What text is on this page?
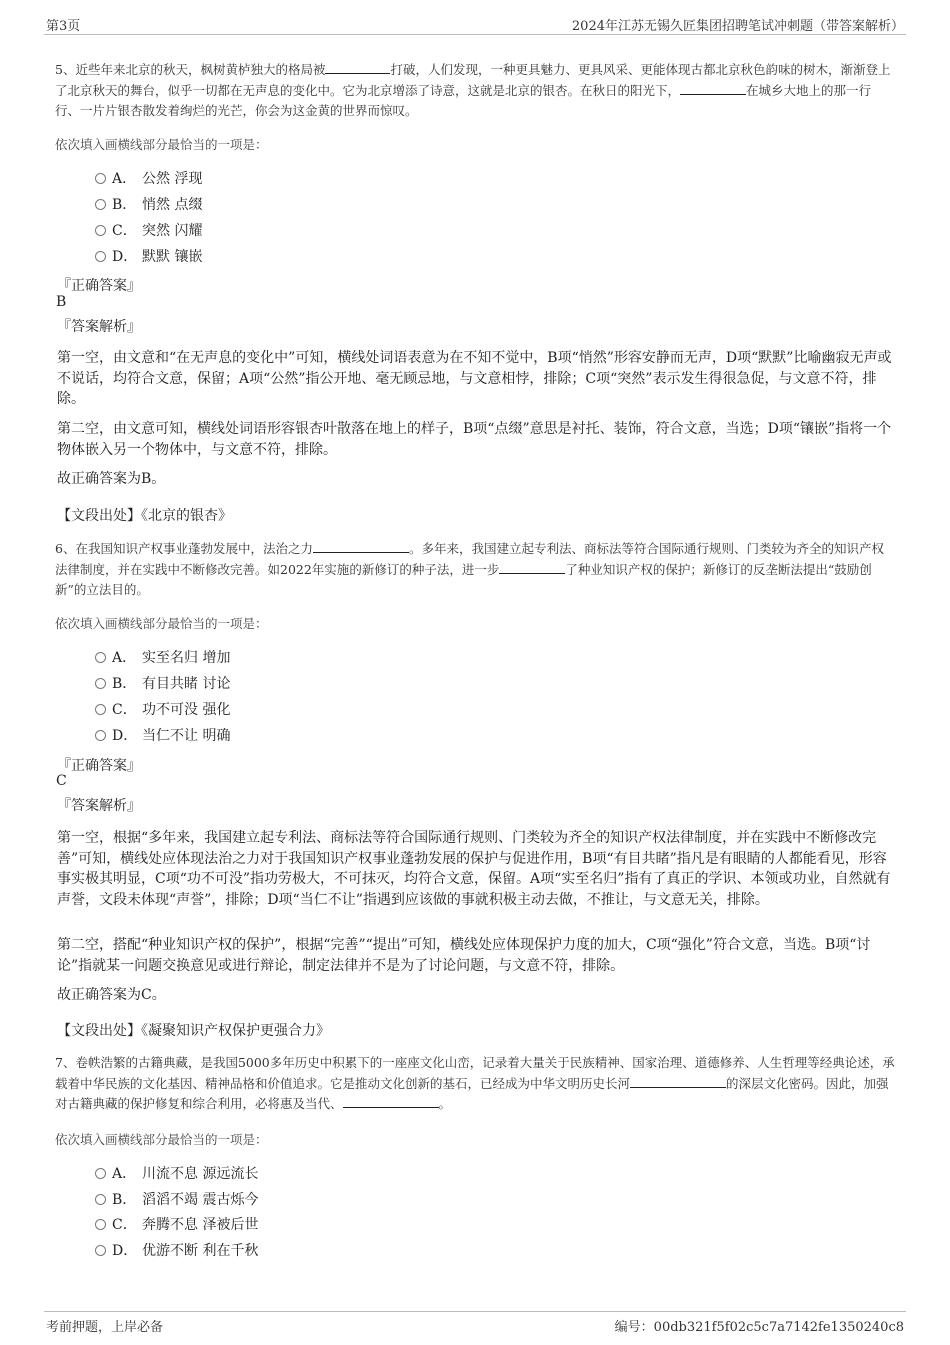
第3页	2024年江苏无锡久匠集团招聘笔试冲刺题（带答案解析）

5、近些年来北京的秋天，枫树黄栌独大的格局被	打破，人们发现，一种更具魅力、更具风采、更能体现古都北京秋色韵味的树木，渐渐登上了北京秋天的舞台，似乎一切都在无声息的变化中。它为北京增添了诗意，这就是北京的银杏。在秋日的阳光下，	在城乡大地上的那一行行、一片片银杏散发着绚烂的光芒，你会为这金黄的世界而惊叹。

依次填入画横线部分最恰当的一项是：

A． 公然 浮现
B． 悄然 点缀
C． 突然 闪耀
D． 默默 镶嵌
『正确答案』
B
『答案解析』

第一空，由文意和“在无声息的变化中”可知，横线处词语表意为在不知不觉中，B项“悄然”形容安静而无声，D项“默默”比喻幽寂无声或不说话，均符合文意，保留；A项“公然”指公开地、毫无顾忌地，与文意相悖，排除；C项“突然”表示发生得很急促，与文意不符，排除。

第二空，由文意可知，横线处词语形容银杏叶散落在地上的样子，B项“点缀”意思是衬托、装饰，符合文意，当选；D项“镶嵌”指将一个物体嵌入另一个物体中，与文意不符，排除。

故正确答案为B。

【文段出处】《北京的银杏》

6、在我国知识产权事业蓬勃发展中，法治之力	。多年来，我国建立起专利法、商标法等符合国际通行规则、门类较为齐全的知识产权法律制度，并在实践中不断修改完善。如2022年实施的新修订的种子法，进一步	了种业知识产权的保护；新修订的反垄断法提出“鼓励创新”的立法目的。

依次填入画横线部分最恰当的一项是：

A． 实至名归 增加
B． 有目共睹 讨论
C． 功不可没 强化
D． 当仁不让 明确
『正确答案』
C
『答案解析』

第一空，根据“多年来，我国建立起专利法、商标法等符合国际通行规则、门类较为齐全的知识产权法律制度，并在实践中不断修改完善”可知，横线处应体现法治之力对于我国知识产权事业蓬勃发展的保护与促进作用，B项“有目共睹”指凡是有眼睛的人都能看见，形容事实极其明显，C项“功不可没”指功劳极大，不可抹灭，均符合文意，保留。A项“实至名归”指有了真正的学识、本领或功业，自然就有声誉，文段未体现“声誉”，排除；D项“当仁不让”指遇到应该做的事就积极主动去做，不推让，与文意无关，排除。

第二空，搭配“种业知识产权的保护”，根据“完善”“提出”可知，横线处应体现保护力度的加大，C项“强化”符合文意，当选。B项“讨论”指就某一问题交换意见或进行辩论，制定法律并不是为了讨论问题，与文意不符，排除。

故正确答案为C。

【文段出处】《凝聚知识产权保护更强合力》

7、卷帙浩繁的古籍典藏，是我国5000多年历史中积累下的一座座文化山峦，记录着大量关于民族精神、国家治理、道德修养、人生哲理等经典论述，承载着中华民族的文化基因、精神品格和价值追求。它是推动文化创新的基石，已经成为中华文明历史长河	的深层文化密码。因此，加强对古籍典藏的保护修复和综合利用，必将惠及当代、	。

依次填入画横线部分最恰当的一项是：

A． 川流不息 源远流长
B． 滔滔不竭 震古烁今
C． 奔腾不息 泽被后世
D． 优游不断 利在千秋
考前押题，上岸必备	编号：00db321f5f02c5c7a7142fe1350240c8
